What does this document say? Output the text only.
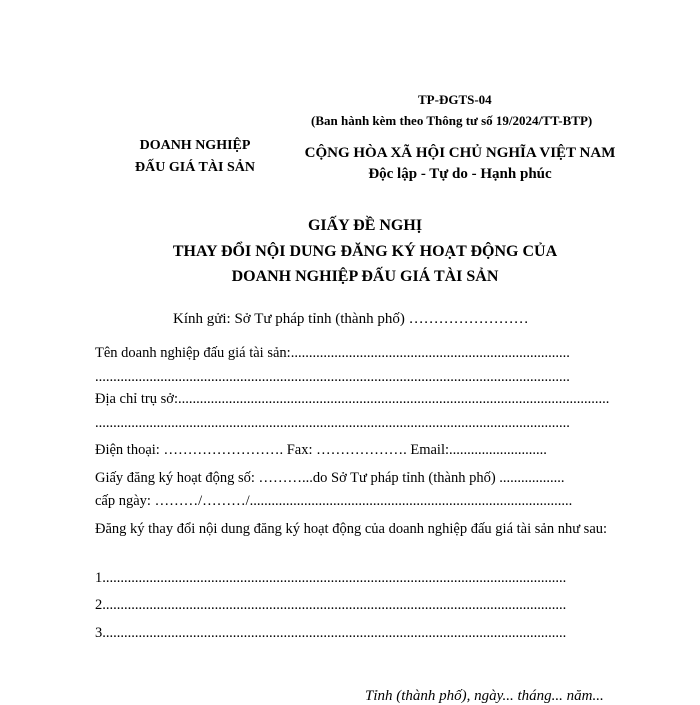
TP-ĐGTS-04
(Ban hành kèm theo Thông tư số 19/2024/TT-BTP)
DOANH NGHIỆP
ĐẤU GIÁ TÀI SẢN
CỘNG HÒA XÃ HỘI CHỦ NGHĨA VIỆT NAM
Độc lập - Tự do - Hạnh phúc
GIẤY ĐỀ NGHỊ
THAY ĐỔI NỘI DUNG ĐĂNG KÝ HOẠT ĐỘNG CỦA
DOANH NGHIỆP ĐẤU GIÁ TÀI SẢN
Kính gửi: Sở Tư pháp tỉnh (thành phố) ……………………
Tên doanh nghiệp đấu giá tài sản:.............................................................................
...................................................................................................................................
Địa chỉ trụ sở:.......................................................................................................................
...................................................................................................................................
Điện thoại: ……………………. Fax: ………………. Email:...........................
Giấy đăng ký hoạt động số: ………...do Sở Tư pháp tỉnh (thành phố) ..................
cấp ngày: ………/………/.........................................................................................
Đăng ký thay đổi nội dung đăng ký hoạt động của doanh nghiệp đấu giá tài sản như sau:
1................................................................................................................................
2................................................................................................................................
3................................................................................................................................
Tỉnh (thành phố), ngày... tháng... năm...
